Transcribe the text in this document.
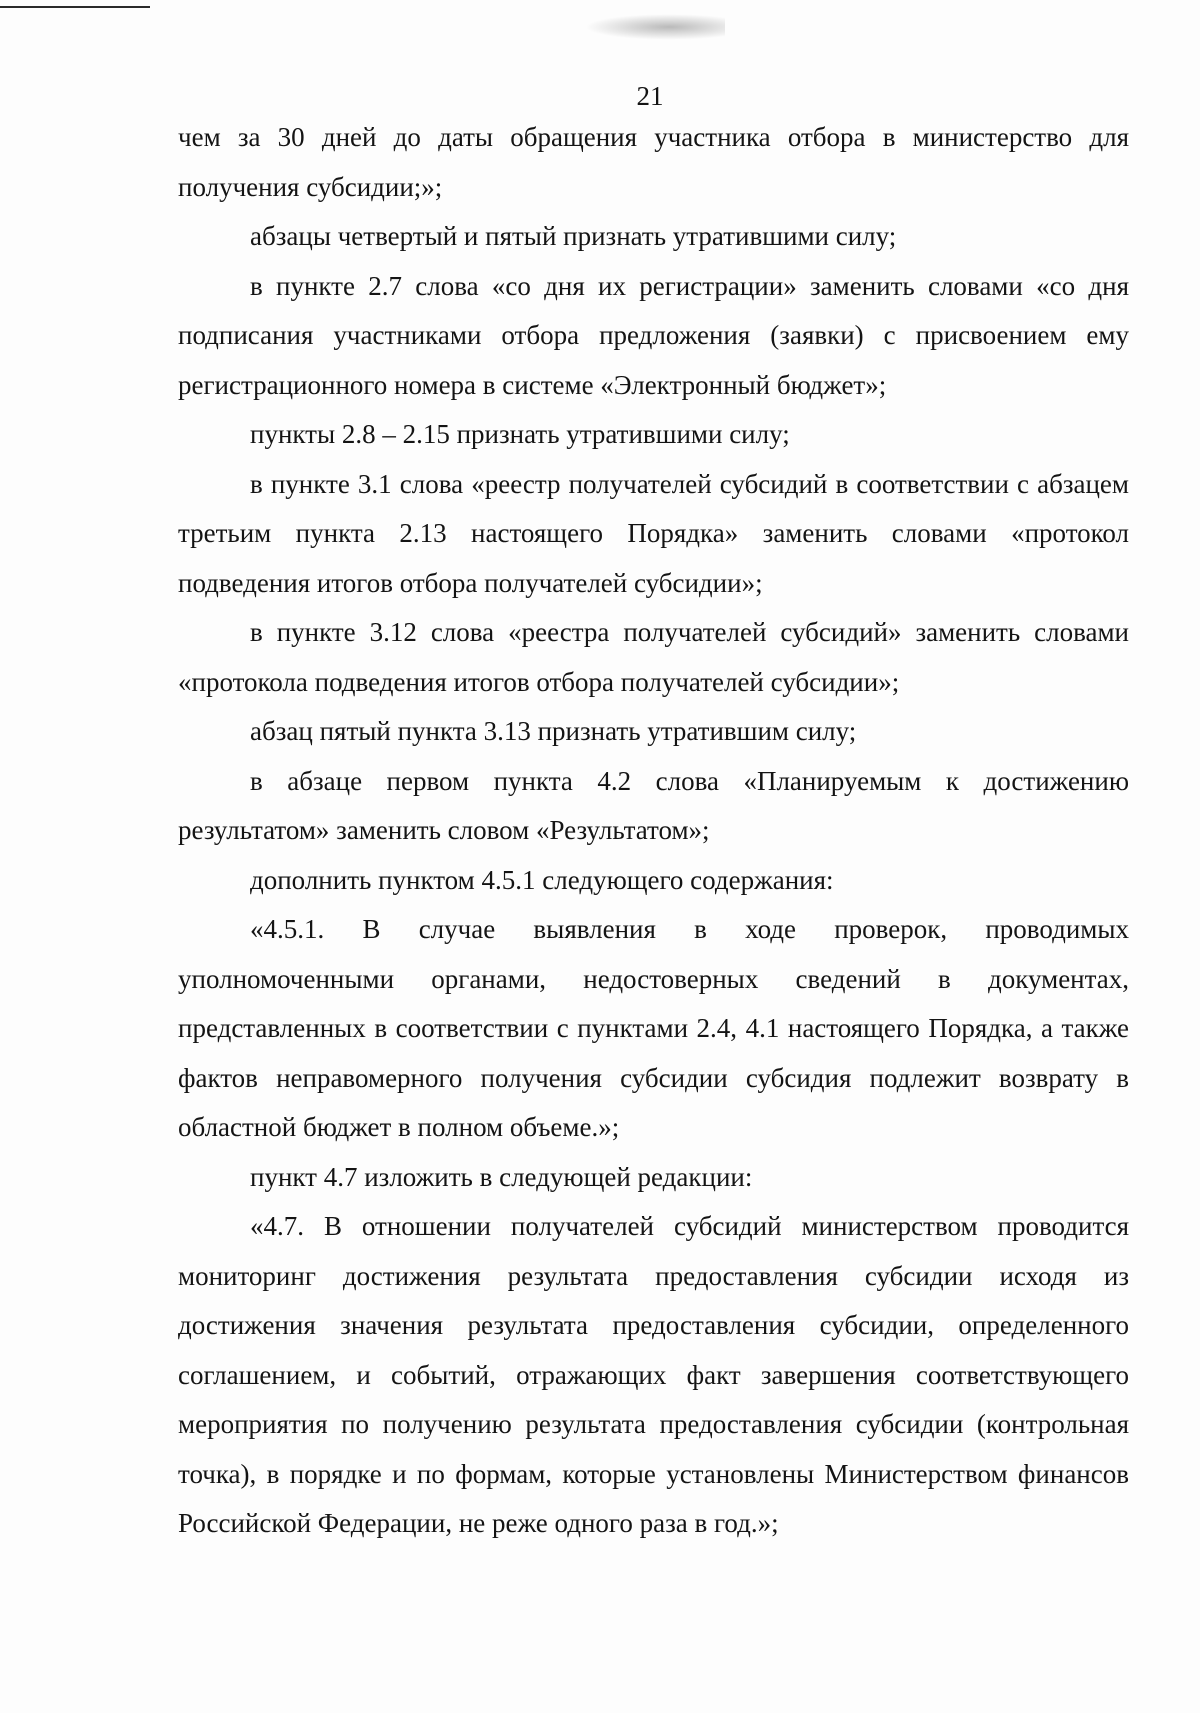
21

чем за 30 дней до даты обращения участника отбора в министерство для получения субсидии;»;

абзацы четвертый и пятый признать утратившими силу;

в пункте 2.7 слова «со дня их регистрации» заменить словами «со дня подписания участниками отбора предложения (заявки) с присвоением ему регистрационного номера в системе «Электронный бюджет»;

пункты 2.8 – 2.15 признать утратившими силу;

в пункте 3.1 слова «реестр получателей субсидий в соответствии с абзацем третьим пункта 2.13 настоящего Порядка» заменить словами «протокол подведения итогов отбора получателей субсидии»;

в пункте 3.12 слова «реестра получателей субсидий» заменить словами «протокола подведения итогов отбора получателей субсидии»;

абзац пятый пункта 3.13 признать утратившим силу;

в абзаце первом пункта 4.2 слова «Планируемым к достижению результатом» заменить словом «Результатом»;

дополнить пунктом 4.5.1 следующего содержания:

«4.5.1. В случае выявления в ходе проверок, проводимых уполномоченными органами, недостоверных сведений в документах, представленных в соответствии с пунктами 2.4, 4.1 настоящего Порядка, а также фактов неправомерного получения субсидии субсидия подлежит возврату в областной бюджет в полном объеме.»;

пункт 4.7 изложить в следующей редакции:

«4.7. В отношении получателей субсидий министерством проводится мониторинг достижения результата предоставления субсидии исходя из достижения значения результата предоставления субсидии, определенного соглашением, и событий, отражающих факт завершения соответствующего мероприятия по получению результата предоставления субсидии (контрольная точка), в порядке и по формам, которые установлены Министерством финансов Российской Федерации, не реже одного раза в год.»;
